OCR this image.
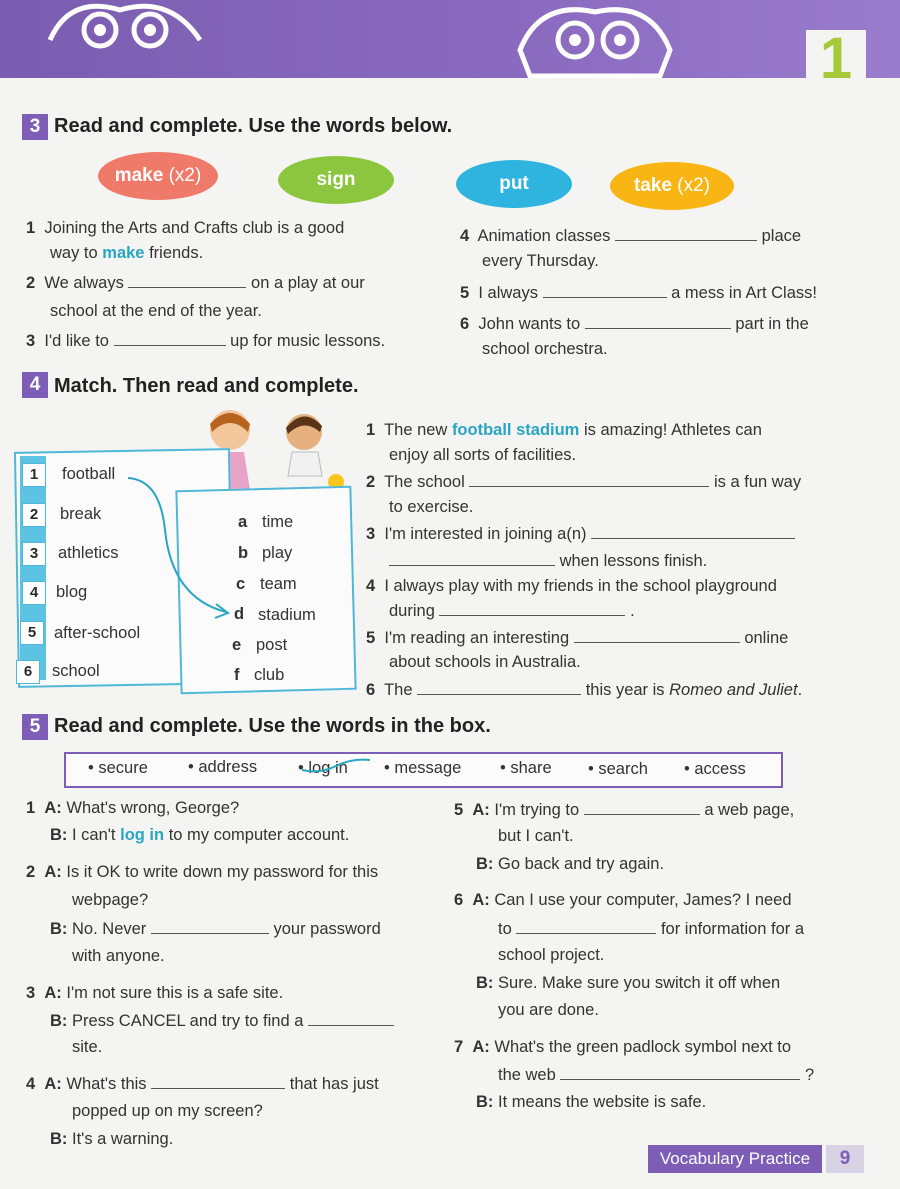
1
3 Read and complete. Use the words below.
make (x2)	sign	put	take (x2)
1 Joining the Arts and Crafts club is a good
way to make friends.
2 We always	on a play at our
school at the end of the year.
3 I'd like to	up for music lessons.
4 Animation classes	place
every Thursday.
5 I always	a mess in Art Class!
6 John wants to	part in the
school orchestra.
4 Match. Then read and complete.
1	football
2	break
3	athletics
4	blog
5	after-school
6	school
a time
b play
c team
d stadium
e post
f club
1 The new football stadium is amazing! Athletes can
enjoy all sorts of facilities.
2 The school	is a fun way
to exercise.
3 I'm interested in joining a(n)
when lessons finish.
4 I always play with my friends in the school playground
during	.
5 I'm reading an interesting	online
about schools in Australia.
6 The	this year is Romeo and Juliet.
5 Read and complete. Use the words in the box.
• secure • address • log in • message • share • search • access
1 A: What's wrong, George?
B: I can't log in to my computer account.
2 A: Is it OK to write down my password for this
webpage?
B: No. Never	your password
with anyone.
3 A: I'm not sure this is a safe site.
B: Press CANCEL and try to find a
site.
4 A: What's this	that has just
popped up on my screen?
B: It's a warning.
5 A: I'm trying to	a web page,
but I can't.
B: Go back and try again.
6 A: Can I use your computer, James? I need
to	for information for a
school project.
B: Sure. Make sure you switch it off when
you are done.
7 A: What's the green padlock symbol next to
the web	?
B: It means the website is safe.
Vocabulary Practice	9
